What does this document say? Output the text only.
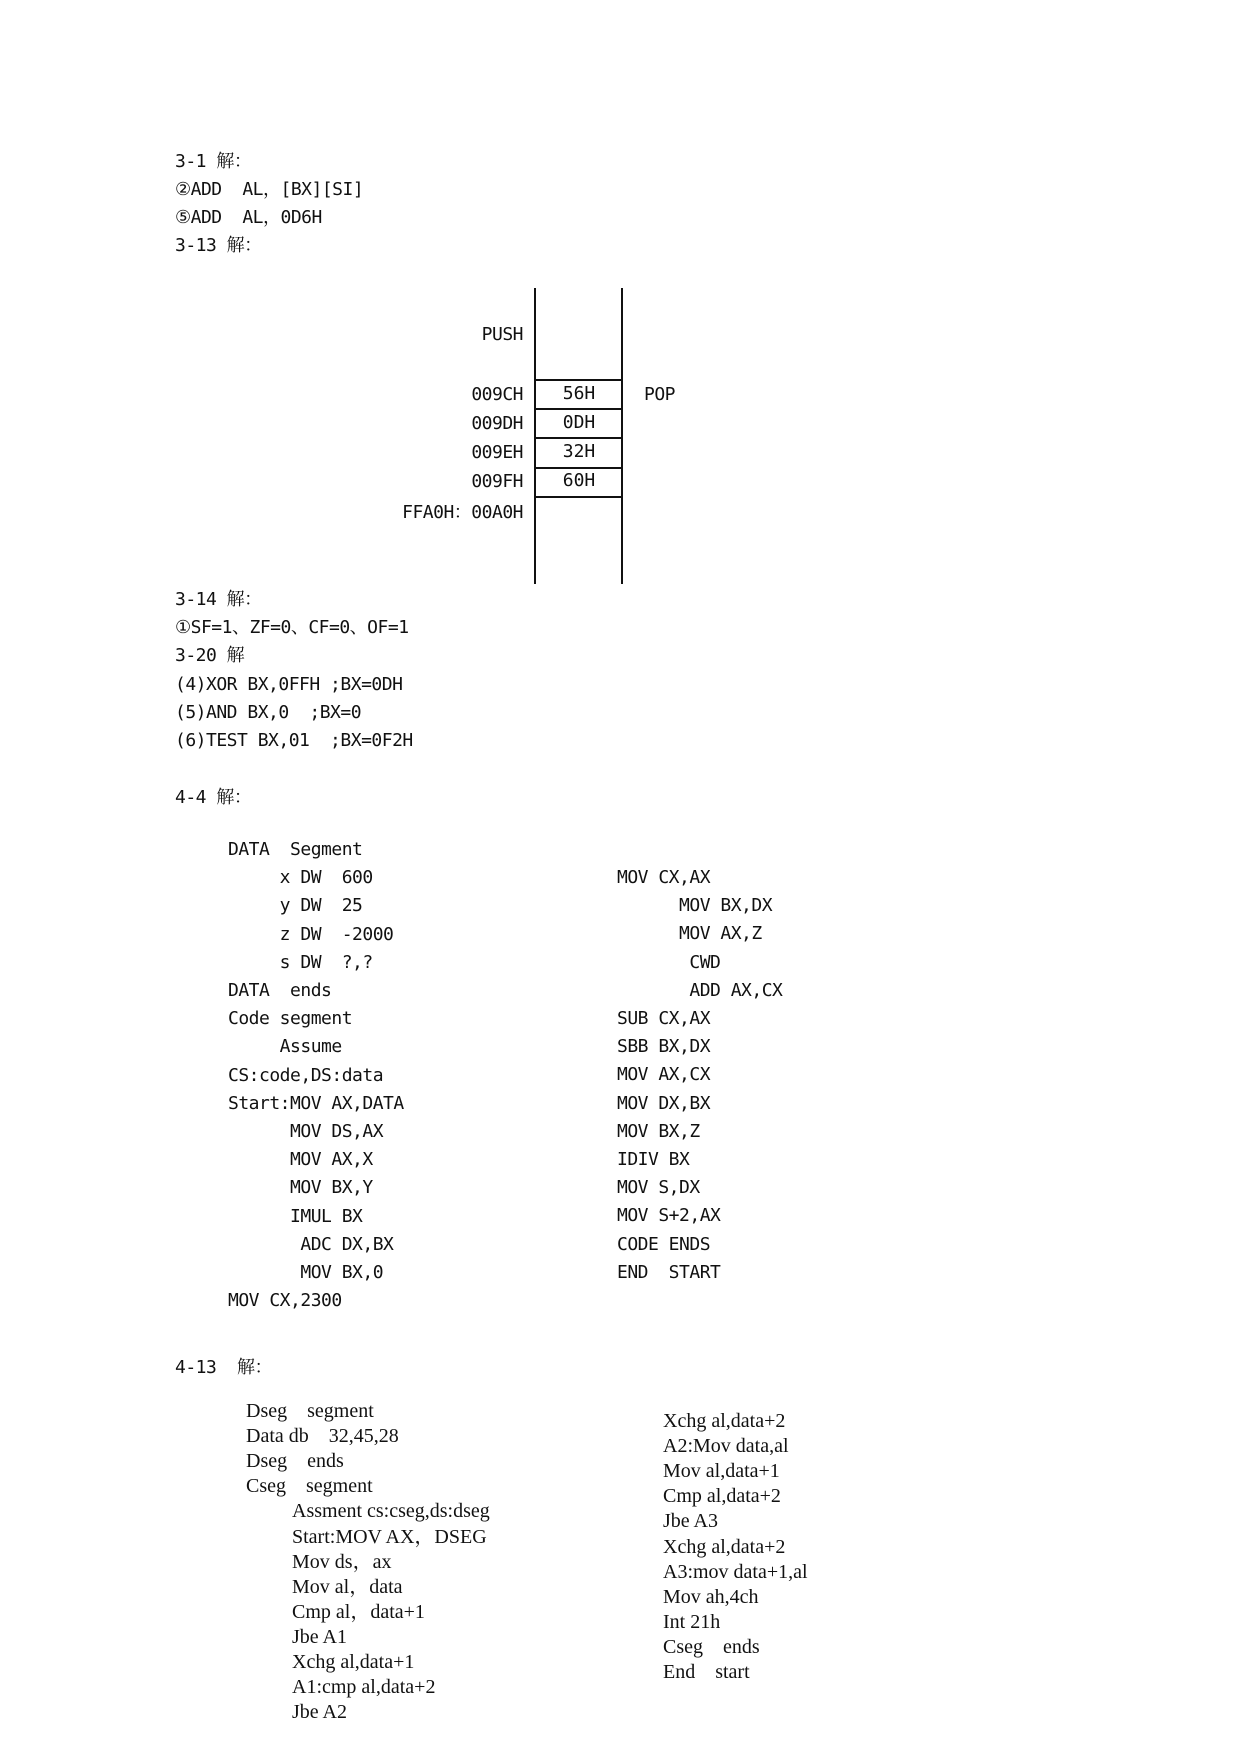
3-1 解：
②ADD  AL，[BX][SI]
⑤ADD  AL，0D6H
3-13 解：
PUSH
POP
009CH	56H
009DH	0DH
009EH	32H
009FH	60H
FFA0H：00A0H
3-14 解：
①SF=1、ZF=0、CF=0、OF=1
3-20 解
(4)XOR BX,0FFH ;BX=0DH
(5)AND BX,0  ;BX=0
(6)TEST BX,01  ;BX=0F2H
4-4 解：
DATA  Segment
x DW  600
y DW  25
z DW  -2000
s DW  ?,?
DATA  ends
Code segment
Assume
CS:code,DS:data
Start:MOV AX,DATA
MOV DS,AX
MOV AX,X
MOV BX,Y
IMUL BX
ADC DX,BX
MOV BX,0
MOV CX,2300
MOV CX,AX
MOV BX,DX
MOV AX,Z
CWD
ADD AX,CX
SUB CX,AX
SBB BX,DX
MOV AX,CX
MOV DX,BX
MOV BX,Z
IDIV BX
MOV S,DX
MOV S+2,AX
CODE ENDS
END  START
4-13  解：
Dseg    segment
Data db    32,45,28
Dseg    ends
Cseg    segment
Assment cs:cseg,ds:dseg
Start:MOV AX，DSEG
Mov ds，ax
Mov al，data
Cmp al，data+1
Jbe A1
Xchg al,data+1
A1:cmp al,data+2
Jbe A2
Xchg al,data+2
A2:Mov data,al
Mov al,data+1
Cmp al,data+2
Jbe A3
Xchg al,data+2
A3:mov data+1,al
Mov ah,4ch
Int 21h
Cseg    ends
End    start
